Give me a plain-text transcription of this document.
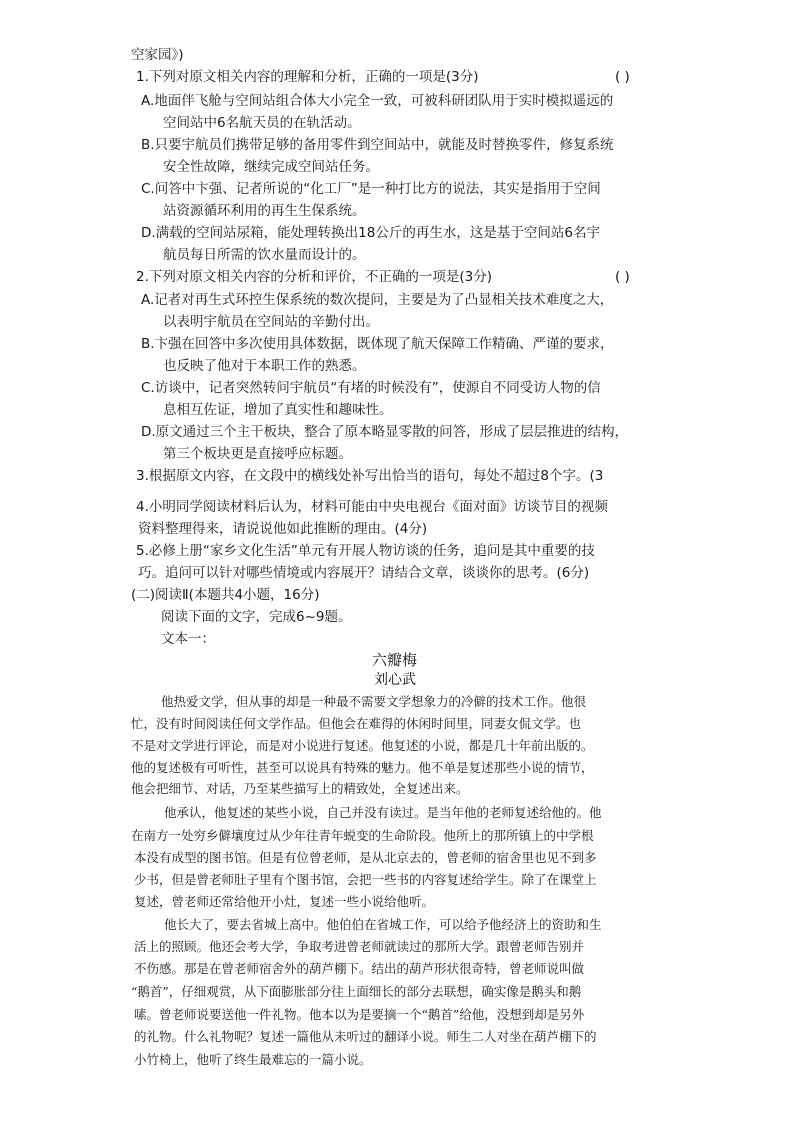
空家园》)
1.下列对原文相关内容的理解和分析，正确的一项是(3分)	( )
A.地面伴飞舱与空间站组合体大小完全一致，可被科研团队用于实时模拟遥远的
空间站中6名航天员的在轨活动。
B.只要宇航员们携带足够的备用零件到空间站中，就能及时替换零件，修复系统
安全性故障，继续完成空间站任务。
C.问答中卞强、记者所说的“化工厂”是一种打比方的说法，其实是指用于空间
站资源循环利用的再生生保系统。
D.满载的空间站尿箱，能处理转换出18公斤的再生水，这是基于空间站6名宇
航员每日所需的饮水量而设计的。
2.下列对原文相关内容的分析和评价，不正确的一项是(3分)	( )
A.记者对再生式环控生保系统的数次提问，主要是为了凸显相关技术难度之大，
以表明宇航员在空间站的辛勤付出。
B.卞强在回答中多次使用具体数据，既体现了航天保障工作精确、严谨的要求，
也反映了他对于本职工作的熟悉。
C.访谈中，记者突然转问宇航员“有堵的时候没有”，使源自不同受访人物的信
息相互佐证，增加了真实性和趣味性。
D.原文通过三个主干板块，整合了原本略显零散的问答，形成了层层推进的结构，
第三个板块更是直接呼应标题。
3.根据原文内容，在文段中的横线处补写出恰当的语句，每处不超过8个字。(3
4.小明同学阅读材料后认为，材料可能由中央电视台《面对面》访谈节目的视频
资料整理得来，请说说他如此推断的理由。(4分)
5.必修上册“家乡文化生活”单元有开展人物访谈的任务，追问是其中重要的技
巧。追问可以针对哪些情境或内容展开？请结合文章，谈谈你的思考。(6分)
(二)阅读Ⅱ(本题共4小题，16分)
阅读下面的文字，完成6~9题。
文本一：
六瓣梅
刘心武
他热爱文学，但从事的却是一种最不需要文学想象力的冷僻的技术工作。他很
忙，没有时间阅读任何文学作品。但他会在难得的休闲时间里，同妻女侃文学。也
不是对文学进行评论，而是对小说进行复述。他复述的小说，都是几十年前出版的。
他的复述极有可听性，甚至可以说具有特殊的魅力。他不单是复述那些小说的情节，
他会把细节、对话，乃至某些描写上的精致处，全复述出来。
他承认，他复述的某些小说，自己并没有读过。是当年他的老师复述给他的。他
在南方一处穷乡僻壤度过从少年往青年蜕变的生命阶段。他所上的那所镇上的中学根
本没有成型的图书馆。但是有位曾老师，是从北京去的，曾老师的宿舍里也见不到多
少书，但是曾老师肚子里有个图书馆，会把一些书的内容复述给学生。除了在课堂上
复述，曾老师还常给他开小灶，复述一些小说给他听。
他长大了，要去省城上高中。他伯伯在省城工作，可以给予他经济上的资助和生
活上的照顾。他还会考大学，争取考进曾老师就读过的那所大学。跟曾老师告别并
不伤感。那是在曾老师宿舍外的葫芦棚下。结出的葫芦形状很奇特，曾老师说叫做
“鹅首”，仔细观赏，从下面膨胀部分往上面细长的部分去联想，确实像是鹅头和鹅
嗉。曾老师说要送他一件礼物。他本以为是要摘一个“鹅首”给他，没想到却是另外
的礼物。什么礼物呢？复述一篇他从未听过的翻译小说。师生二人对坐在葫芦棚下的
小竹椅上，他听了终生最难忘的一篇小说。
